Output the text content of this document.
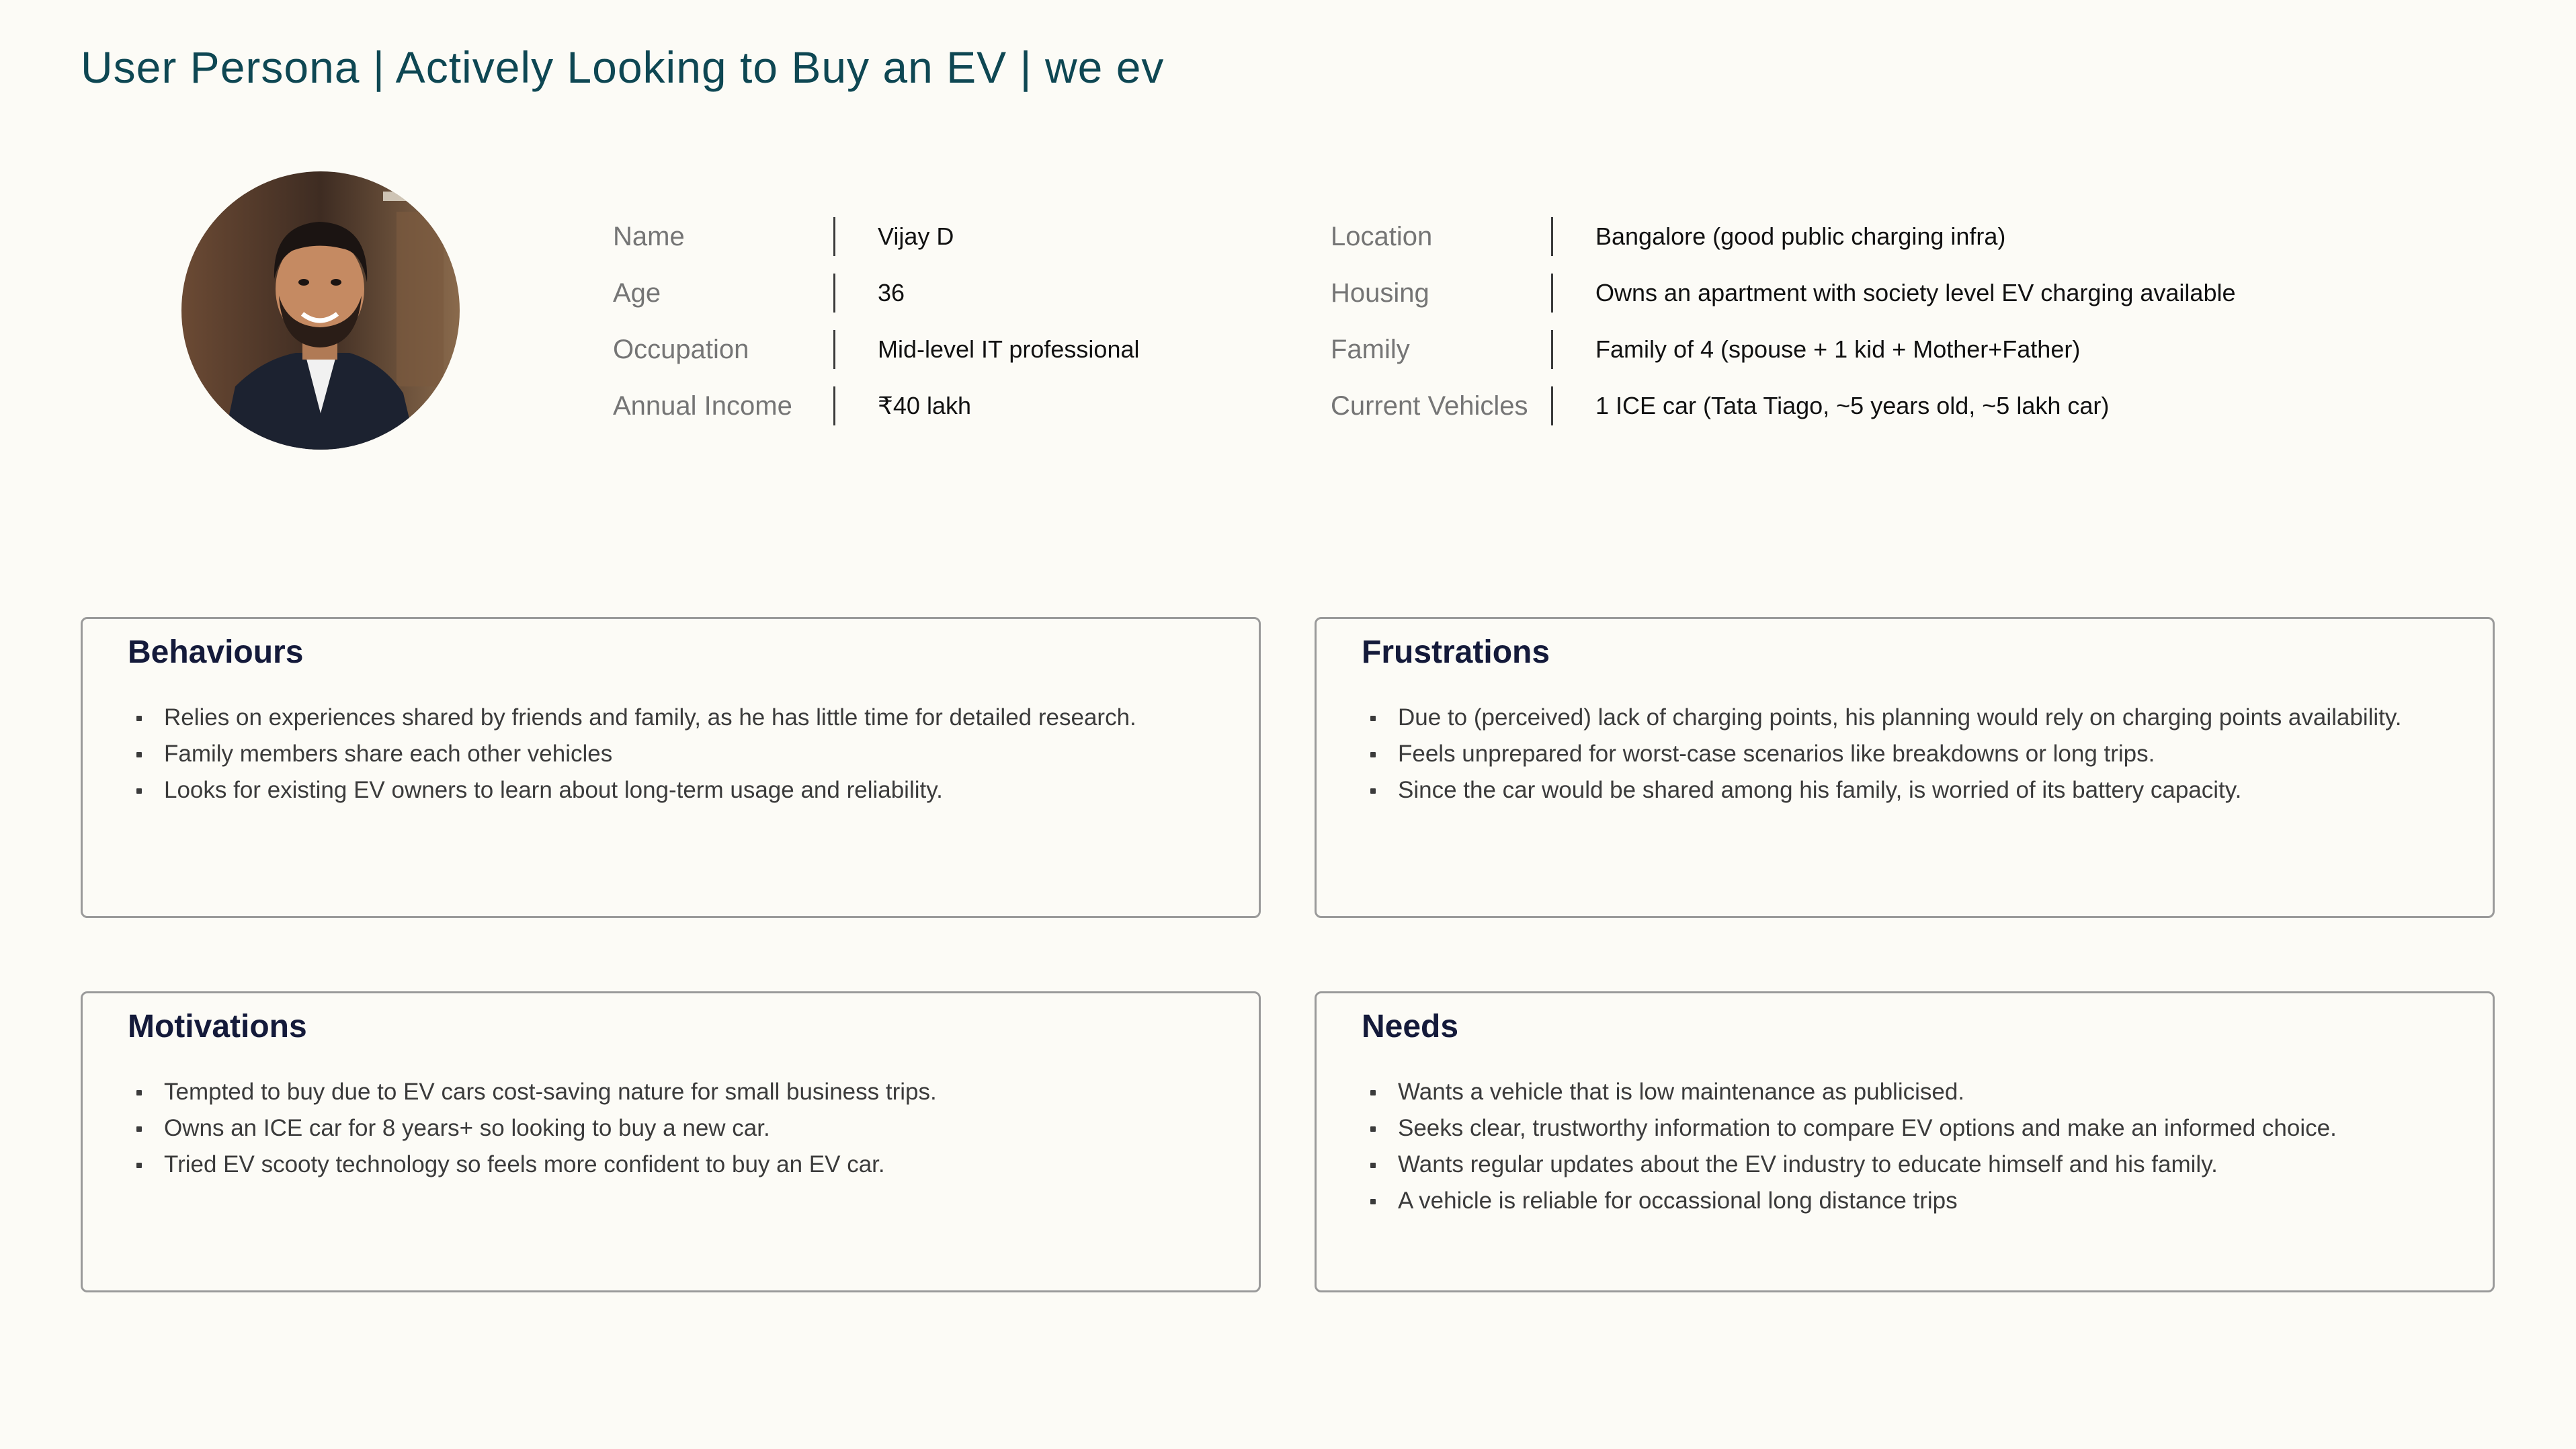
User Persona | Actively Looking to Buy an EV | we ev
Name	Vijay D
Age	36
Occupation	Mid-level IT professional
Annual Income	₹40 lakh
Location	Bangalore (good public charging infra)
Housing	Owns an apartment with society level EV charging available
Family	Family of 4 (spouse + 1 kid + Mother+Father)
Current Vehicles	1 ICE car (Tata Tiago, ~5 years old, ~5 lakh car)
Behaviours
Relies on experiences shared by friends and family, as he has little time for detailed research.
Family members share each other vehicles
Looks for existing EV owners to learn about long-term usage and reliability.
Frustrations
Due to (perceived) lack of charging points, his planning would rely on charging points availability.
Feels unprepared for worst-case scenarios like breakdowns or long trips.
Since the car would be shared among his family, is worried of its battery capacity.
Motivations
Tempted to buy due to EV cars cost-saving nature for small business trips.
Owns an ICE car for 8 years+ so looking to buy a new car.
Tried EV scooty technology so feels more confident to buy an EV car.
Needs
Wants a vehicle that is low maintenance as publicised.
Seeks clear, trustworthy information to compare EV options and make an informed choice.
Wants regular updates about the EV industry to educate himself and his family.
A vehicle is reliable for occassional long distance trips
